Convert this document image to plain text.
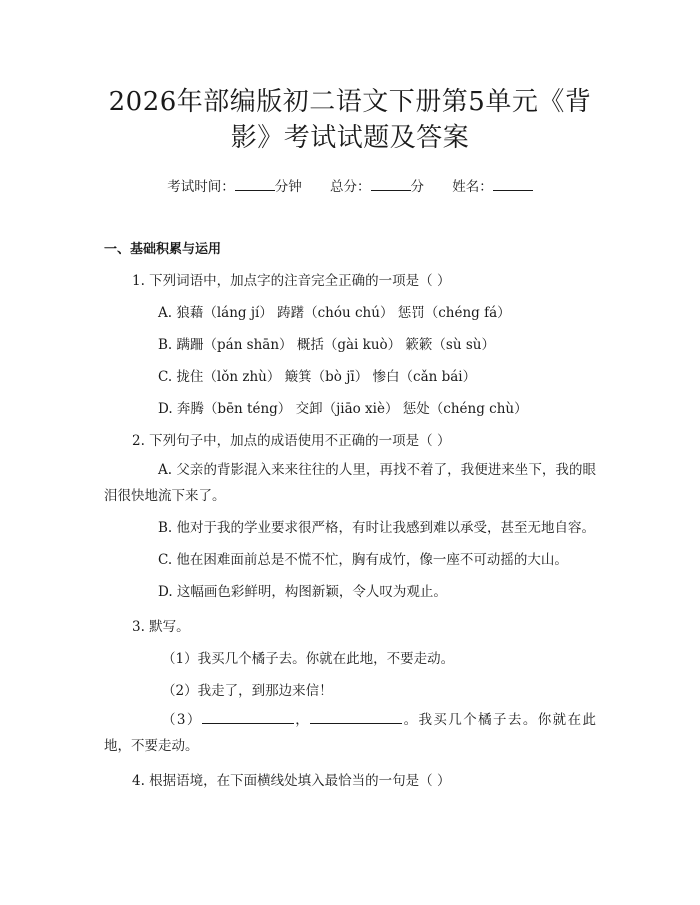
2026年部编版初二语文下册第5单元《背影》考试试题及答案
考试时间：	分钟 总分：	分 姓名：
一、基础积累与运用
1. 下列词语中，加点字的注音完全正确的一项是（ ）
A. 狼藉（láng jí） 踌躇（chóu chú） 惩罚（chéng fá）
B. 蹒跚（pán shān） 概括（gài kuò） 簌簌（sù sù）
C. 拢住（lǒn zhù） 簸箕（bò jī） 惨白（cǎn bái）
D. 奔腾（bēn téng） 交卸（jiāo xiè） 惩处（chéng chù）
2. 下列句子中，加点的成语使用不正确的一项是（ ）
A. 父亲的背影混入来来往往的人里，再找不着了，我便进来坐下，我的眼泪很快地流下来了。
B. 他对于我的学业要求很严格，有时让我感到难以承受，甚至无地自容。
C. 他在困难面前总是不慌不忙，胸有成竹，像一座不可动摇的大山。
D. 这幅画色彩鲜明，构图新颖，令人叹为观止。
3. 默写。
（1）我买几个橘子去。你就在此地，不要走动。
（2）我走了，到那边来信！
（3）	，	。我买几个橘子去。你就在此地，不要走动。
4. 根据语境，在下面横线处填入最恰当的一句是（ ）
